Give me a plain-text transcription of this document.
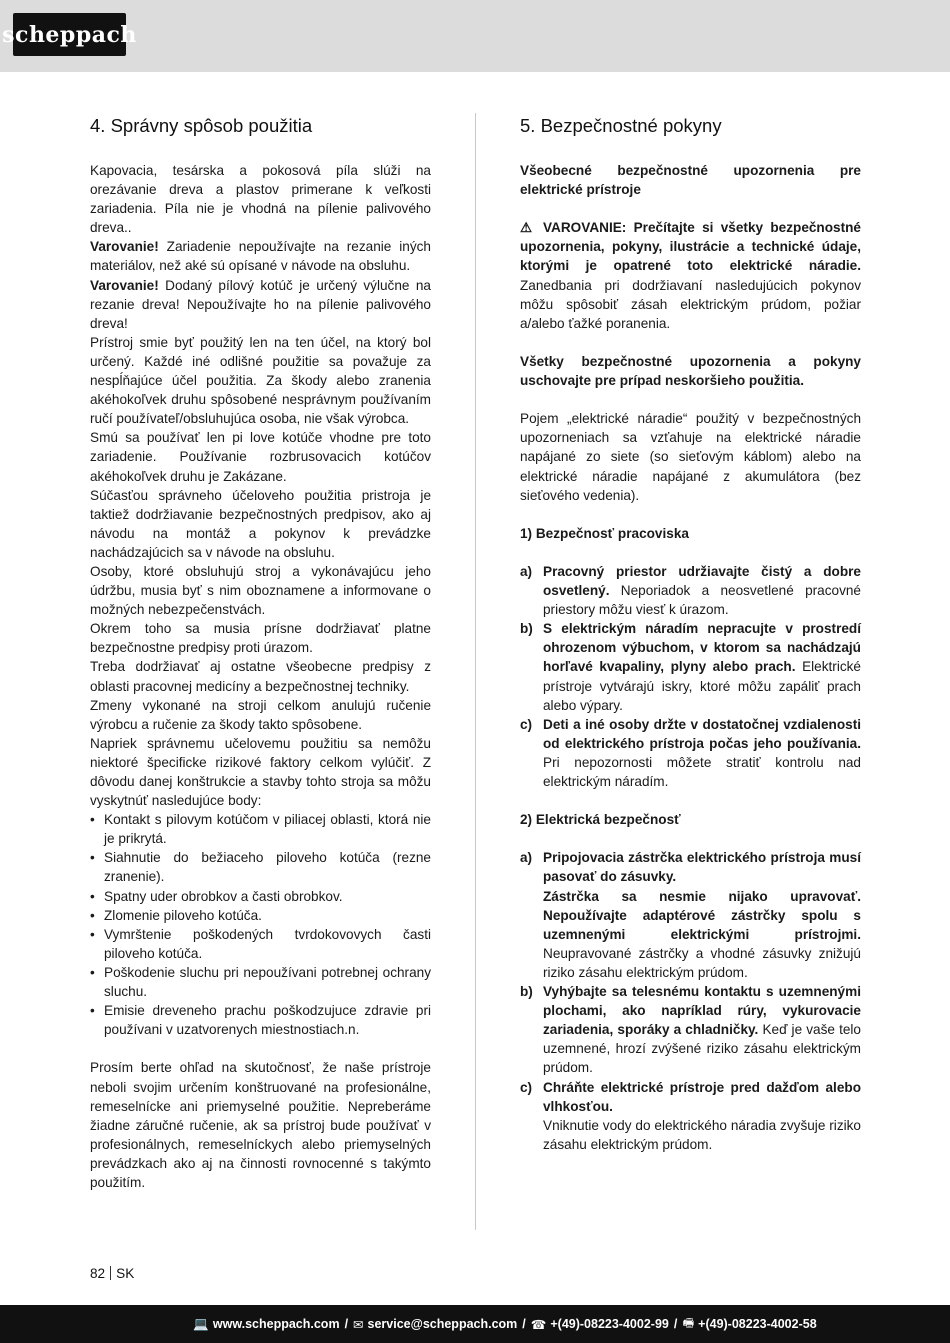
scheppach
4. Správny spôsob použitia

Kapovacia, tesárska a pokosová píla slúži na orezávanie dreva a plastov primerane k veľkosti zariadenia. Píla nie je vhodná na pílenie palivového dreva..

Varovanie! Zariadenie nepoužívajte na rezanie iných materiálov, než aké sú opísané v návode na obsluhu.

Varovanie! Dodaný pílový kotúč je určený výlučne na rezanie dreva! Nepoužívajte ho na pílenie palivového dreva!

Prístroj smie byť použitý len na ten účel, na ktorý bol určený. Každé iné odlišné použitie sa považuje za nespĺňajúce účel použitia. Za škody alebo zranenia akéhokoľvek druhu spôsobené nesprávnym používaním ručí používateľ/obsluhujúca osoba, nie však výrobca.

Smú sa používať len pi love kotúče vhodne pre toto zariadenie. Používanie rozbrusovacich kotúčov akéhokoľvek druhu je Zakázane.

Súčasťou správneho účeloveho použitia pristroja je taktiež dodržiavanie bezpečnostných predpisov, ako aj návodu na montáž a pokynov k prevádzke nachádzajúcich sa v návode na obsluhu.

Osoby, ktoré obsluhujú stroj a vykonávajúcu jeho údržbu, musia byť s nim oboznamene a informovane o možných nebezpečenstvách.

Okrem toho sa musia prísne dodržiavať platne bezpečnostne predpisy proti úrazom.

Treba dodržiavať aj ostatne všeobecne predpisy z oblasti pracovnej medicíny a bezpečnostnej techniky.

Zmeny vykonané na stroji celkom anulujú ručenie výrobcu a ručenie za škody takto spôsobene.

Napriek správnemu učelovemu použitiu sa nemôžu niektoré špecificke rizikové faktory celkom vylúčiť. Z dôvodu danej konštrukcie a stavby tohto stroja sa môžu vyskytnúť nasledujúce body:

• Kontakt s pilovym kotúčom v piliacej oblasti, ktorá nie je prikrytá.
• Siahnutie do bežiaceho piloveho kotúča (rezne zranenie).
• Spatny uder obrobkov a časti obrobkov.
• Zlomenie piloveho kotúča.
• Vymrštenie poškodených tvrdokovovych časti piloveho kotúča.
• Poškodenie sluchu pri nepoužívani potrebnej ochrany sluchu.
• Emisie dreveneho prachu poškodzujuce zdravie pri používani v uzatvorenych miestnostiach.n.

Prosím berte ohľad na skutočnosť, že naše prístroje neboli svojim určením konštruované na profesionálne, remeselnícke ani priemyselné použitie. Nepreberáme žiadne záručné ručenie, ak sa prístroj bude používať v profesionálnych, remeselníckych alebo priemyselných prevádzkach ako aj na činnosti rovnocenné s takýmto použitím.

5. Bezpečnostné pokyny

Všeobecné bezpečnostné upozornenia pre elektrické prístroje

⚠ VAROVANIE: Prečítajte si všetky bezpečnostné upozornenia, pokyny, ilustrácie a technické údaje, ktorými je opatrené toto elektrické náradie. Zanedbania pri dodržiavaní nasledujúcich pokynov môžu spôsobiť zásah elektrickým prúdom, požiar a/alebo ťažké poranenia.

Všetky bezpečnostné upozornenia a pokyny uschovajte pre prípad neskoršieho použitia.

Pojem „elektrické náradie“ použitý v bezpečnostných upozorneniach sa vzťahuje na elektrické náradie napájané zo siete (so sieťovým káblom) alebo na elektrické náradie napájané z akumulátora (bez sieťového vedenia).

1) Bezpečnosť pracoviska

a) Pracovný priestor udržiavajte čistý a dobre osvetlený. Neporiadok a neosvetlené pracovné priestory môžu viesť k úrazom.
b) S elektrickým náradím nepracujte v prostredí ohrozenom výbuchom, v ktorom sa nachádzajú horľavé kvapaliny, plyny alebo prach. Elektrické prístroje vytvárajú iskry, ktoré môžu zapáliť prach alebo výpary.
c) Deti a iné osoby držte v dostatočnej vzdialenosti od elektrického prístroja počas jeho používania. Pri nepozornosti môžete stratiť kontrolu nad elektrickým náradím.

2) Elektrická bezpečnosť

a) Pripojovacia zástrčka elektrického prístroja musí pasovať do zásuvky.
Zástrčka sa nesmie nijako upravovať. Nepoužívajte adaptérové zástrčky spolu s uzemnenými elektrickými prístrojmi. Neupravované zástrčky a vhodné zásuvky znižujú riziko zásahu elektrickým prúdom.
b) Vyhýbajte sa telesnému kontaktu s uzemnenými plochami, ako napríklad rúry, vykurovacie zariadenia, sporáky a chladničky. Keď je vaše telo uzemnené, hrozí zvýšené riziko zásahu elektrickým prúdom.
c) Chráňte elektrické prístroje pred dažďom alebo vlhkosťou.
Vniknutie vody do elektrického náradia zvyšuje riziko zásahu elektrickým prúdom.
82 SK
💻 www.scheppach.com / ✉ service@scheppach.com / ☎ +(49)-08223-4002-99 / 🖷 +(49)-08223-4002-58
